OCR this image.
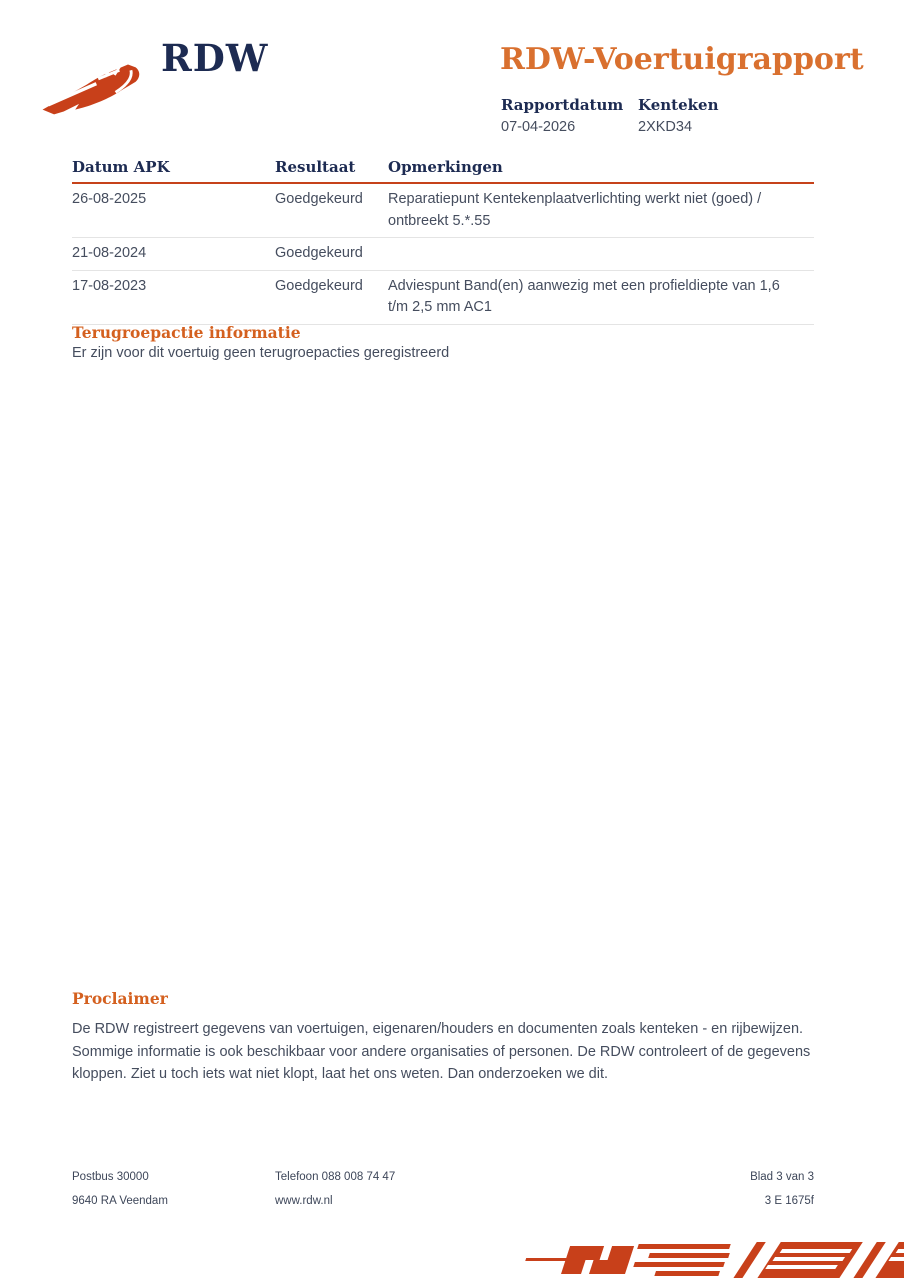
RDW	RDW-Voertuigrapport
Rapportdatum
07-04-2026
Kenteken
2XKD34
Datum APK	Resultaat	Opmerkingen
26-08-2025	Goedgekeurd	Reparatiepunt Kentekenplaatverlichting werkt niet (goed) / ontbreekt 5.*.55
21-08-2024	Goedgekeurd	
17-08-2023	Goedgekeurd	Adviespunt Band(en) aanwezig met een profieldiepte van 1,6 t/m 2,5 mm AC1
Terugroepactie informatie

Er zijn voor dit voertuig geen terugroepacties geregistreerd

Proclaimer

De RDW registreert gegevens van voertuigen, eigenaren/houders en documenten zoals kenteken - en rijbewijzen. Sommige informatie is ook beschikbaar voor andere organisaties of personen. De RDW controleert of de gegevens kloppen. Ziet u toch iets wat niet klopt, laat het ons weten. Dan onderzoeken we dit.

Postbus 30000
9640 RA Veendam
Telefoon 088 008 74 47
www.rdw.nl
Blad 3 van 3
3 E 1675f
